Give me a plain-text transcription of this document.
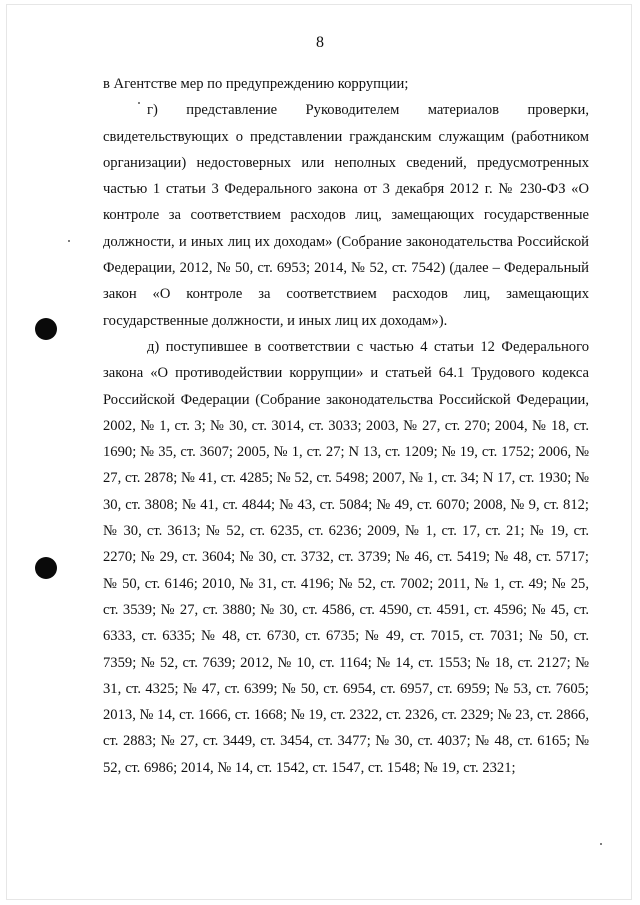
8

в Агентстве мер по предупреждению коррупции;

г) представление Руководителем материалов проверки, свидетельствующих о представлении гражданским служащим (работником организации) недостоверных или неполных сведений, предусмотренных частью 1 статьи 3 Федерального закона от 3 декабря 2012 г. № 230-ФЗ «О контроле за соответствием расходов лиц, замещающих государственные должности, и иных лиц их доходам» (Собрание законодательства Российской Федерации, 2012, № 50, ст. 6953; 2014, № 52, ст. 7542) (далее – Федеральный закон «О контроле за соответствием расходов лиц, замещающих государственные должности, и иных лиц их доходам»).

д) поступившее в соответствии с частью 4 статьи 12 Федерального закона «О противодействии коррупции» и статьей 64.1 Трудового кодекса Российской Федерации (Собрание законодательства Российской Федерации, 2002, № 1, ст. 3; № 30, ст. 3014, ст. 3033; 2003, № 27, ст. 270; 2004, № 18, ст. 1690; № 35, ст. 3607; 2005, № 1, ст. 27; N 13, ст. 1209; № 19, ст. 1752; 2006, № 27, ст. 2878; № 41, ст. 4285; № 52, ст. 5498; 2007, № 1, ст. 34; N 17, ст. 1930; № 30, ст. 3808; № 41, ст. 4844; № 43, ст. 5084; № 49, ст. 6070; 2008, № 9, ст. 812; № 30, ст. 3613; № 52, ст. 6235, ст. 6236; 2009, № 1, ст. 17, ст. 21; № 19, ст. 2270; № 29, ст. 3604; № 30, ст. 3732, ст. 3739; № 46, ст. 5419; № 48, ст. 5717; № 50, ст. 6146; 2010, № 31, ст. 4196; № 52, ст. 7002; 2011, № 1, ст. 49; № 25, ст. 3539; № 27, ст. 3880; № 30, ст. 4586, ст. 4590, ст. 4591, ст. 4596; № 45, ст. 6333, ст. 6335; № 48, ст. 6730, ст. 6735; № 49, ст. 7015, ст. 7031; № 50, ст. 7359; № 52, ст. 7639; 2012, № 10, ст. 1164; № 14, ст. 1553; № 18, ст. 2127; № 31, ст. 4325; № 47, ст. 6399; № 50, ст. 6954, ст. 6957, ст. 6959; № 53, ст. 7605; 2013, № 14, ст. 1666, ст. 1668; № 19, ст. 2322, ст. 2326, ст. 2329; № 23, ст. 2866, ст. 2883; № 27, ст. 3449, ст. 3454, ст. 3477; № 30, ст. 4037; № 48, ст. 6165; № 52, ст. 6986; 2014, № 14, ст. 1542, ст. 1547, ст. 1548; № 19, ст. 2321;
